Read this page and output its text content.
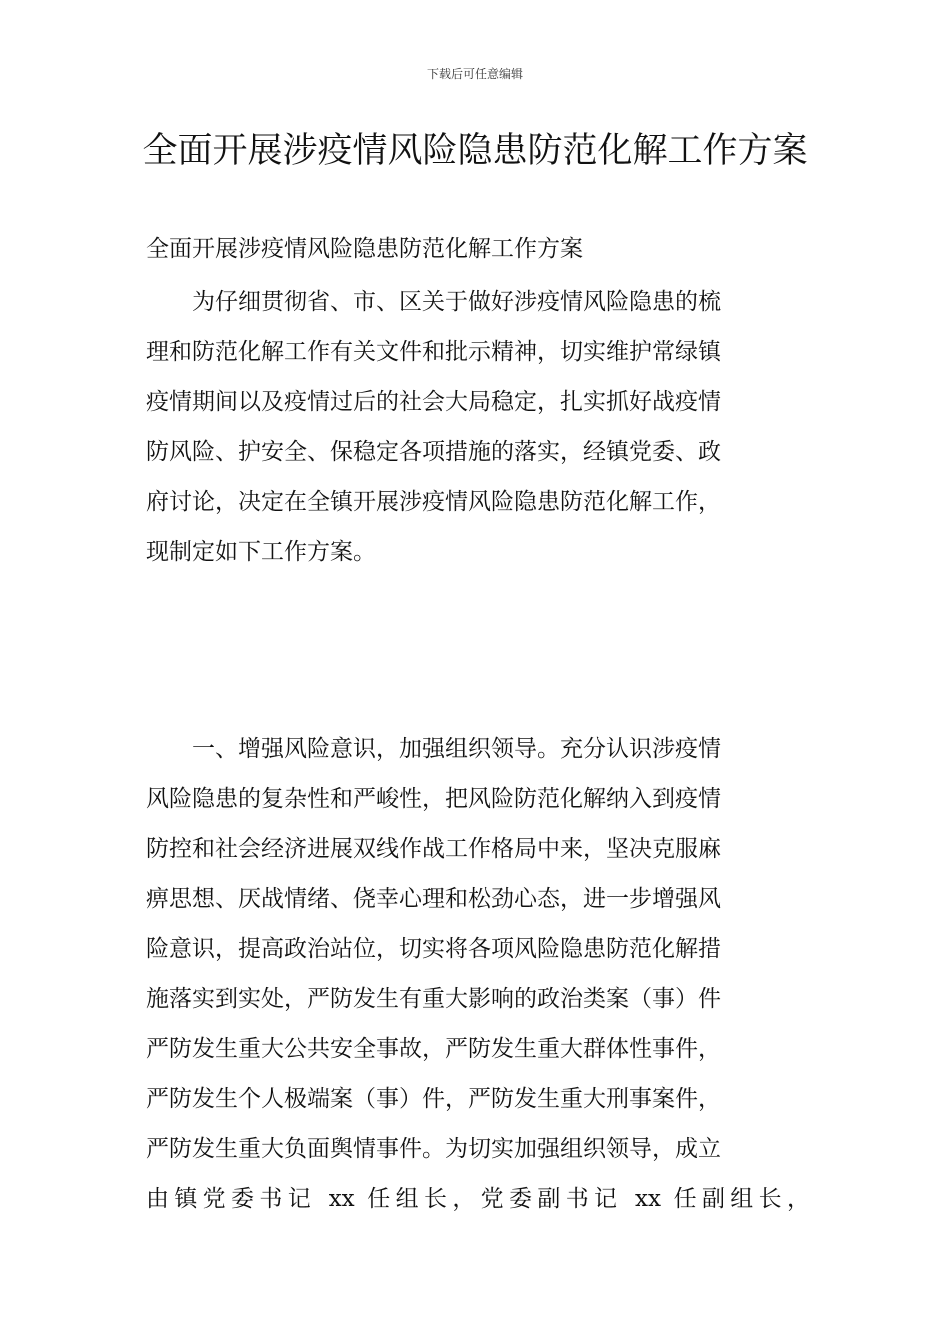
下载后可任意编辑
全面开展涉疫情风险隐患防范化解工作方案
全面开展涉疫情风险隐患防范化解工作方案
　　为仔细贯彻省、市、区关于做好涉疫情风险隐患的梳
理和防范化解工作有关文件和批示精神，切实维护常绿镇
疫情期间以及疫情过后的社会大局稳定，扎实抓好战疫情
防风险、护安全、保稳定各项措施的落实，经镇党委、政
府讨论，决定在全镇开展涉疫情风险隐患防范化解工作，
现制定如下工作方案。
　　一、增强风险意识，加强组织领导。充分认识涉疫情
风险隐患的复杂性和严峻性，把风险防范化解纳入到疫情
防控和社会经济进展双线作战工作格局中来，坚决克服麻
痹思想、厌战情绪、侥幸心理和松劲心态，进一步增强风
险意识，提高政治站位，切实将各项风险隐患防范化解措
施落实到实处，严防发生有重大影响的政治类案（事）件
严防发生重大公共安全事故，严防发生重大群体性事件，
严防发生个人极端案（事）件，严防发生重大刑事案件，
严防发生重大负面舆情事件。为切实加强组织领导，成立
由镇党委书记 xx 任组长，党委副书记 xx 任副组长，
